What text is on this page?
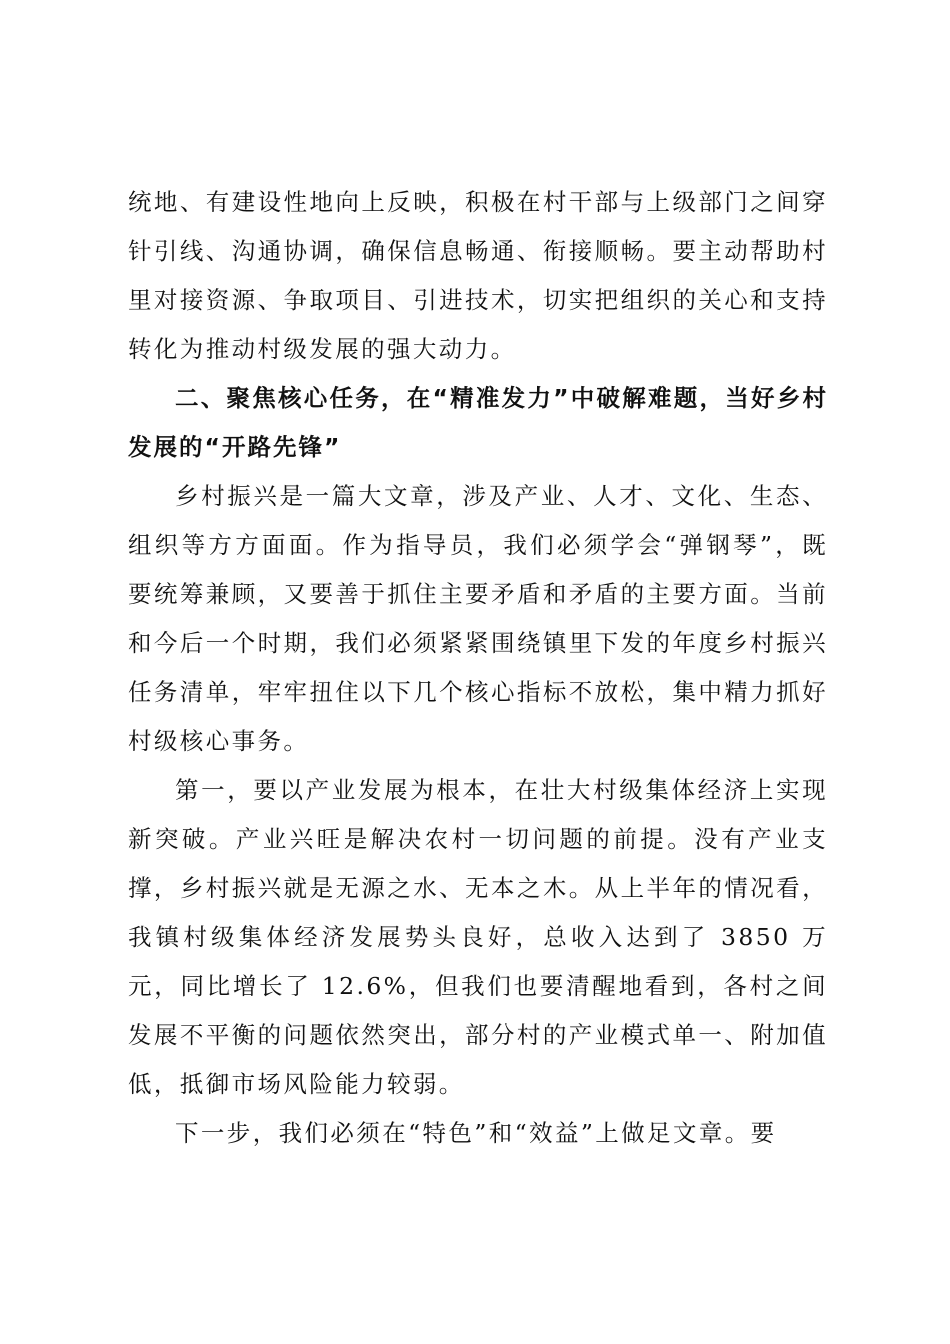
统地、有建设性地向上反映，积极在村干部与上级部门之间穿针引线、沟通协调，确保信息畅通、衔接顺畅。要主动帮助村里对接资源、争取项目、引进技术，切实把组织的关心和支持转化为推动村级发展的强大动力。

二、聚焦核心任务，在“精准发力”中破解难题，当好乡村发展的“开路先锋”

乡村振兴是一篇大文章，涉及产业、人才、文化、生态、组织等方方面面。作为指导员，我们必须学会“弹钢琴”，既要统筹兼顾，又要善于抓住主要矛盾和矛盾的主要方面。当前和今后一个时期，我们必须紧紧围绕镇里下发的年度乡村振兴任务清单，牢牢扭住以下几个核心指标不放松，集中精力抓好村级核心事务。

第一，要以产业发展为根本，在壮大村级集体经济上实现新突破。产业兴旺是解决农村一切问题的前提。没有产业支撑，乡村振兴就是无源之水、无本之木。从上半年的情况看，我镇村级集体经济发展势头良好，总收入达到了 3850 万元，同比增长了 12.6%，但我们也要清醒地看到，各村之间发展不平衡的问题依然突出，部分村的产业模式单一、附加值低，抵御市场风险能力较弱。

下一步，我们必须在“特色”和“效益”上做足文章。要
